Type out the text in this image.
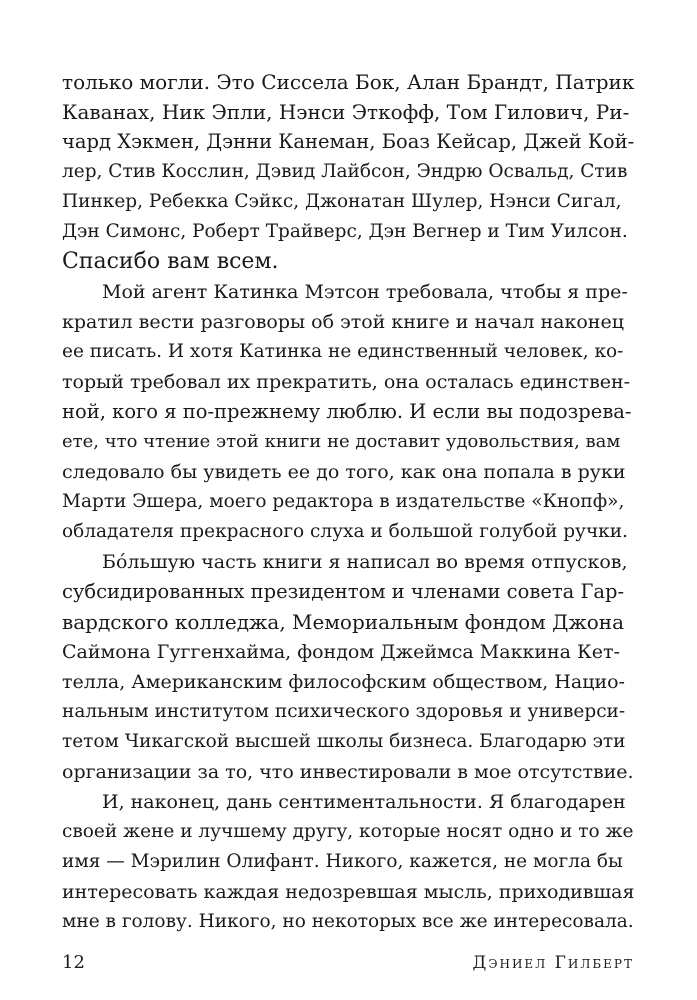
только могли. Это Сиссела Бок, Алан Брандт, Патрик
Каванах, Ник Эпли, Нэнси Эткофф, Том Гилович, Ри-
чард Хэкмен, Дэнни Канеман, Боаз Кейсар, Джей Кой-
лер, Стив Косслин, Дэвид Лайбсон, Эндрю Освальд, Стив
Пинкер, Ребекка Сэйкс, Джонатан Шулер, Нэнси Сигал,
Дэн Симонс, Роберт Трайверс, Дэн Вегнер и Тим Уилсон.
Спасибо вам всем.
Мой агент Катинка Мэтсон требовала, чтобы я пре-
кратил вести разговоры об этой книге и начал наконец
ее писать. И хотя Катинка не единственный человек, ко-
торый требовал их прекратить, она осталась единствен-
ной, кого я по-прежнему люблю. И если вы подозрева-
ете, что чтение этой книги не доставит удовольствия, вам
следовало бы увидеть ее до того, как она попала в руки
Марти Эшера, моего редактора в издательстве «Кнопф»,
обладателя прекрасного слуха и большой голубой ручки.
Бóльшую часть книги я написал во время отпусков,
субсидированных президентом и членами совета Гар-
вардского колледжа, Мемориальным фондом Джона
Саймона Гуггенхайма, фондом Джеймса Маккина Кет-
телла, Американским философским обществом, Нацио-
нальным институтом психического здоровья и универси-
тетом Чикагской высшей школы бизнеса. Благодарю эти
организации за то, что инвестировали в мое отсутствие.
И, наконец, дань сентиментальности. Я благодарен
своей жене и лучшему другу, которые носят одно и то же
имя — Мэрилин Олифант. Никого, кажется, не могла бы
интересовать каждая недозревшая мысль, приходившая
мне в голову. Никого, но некоторых все же интересовала.
12	Дэниел Гилберт
